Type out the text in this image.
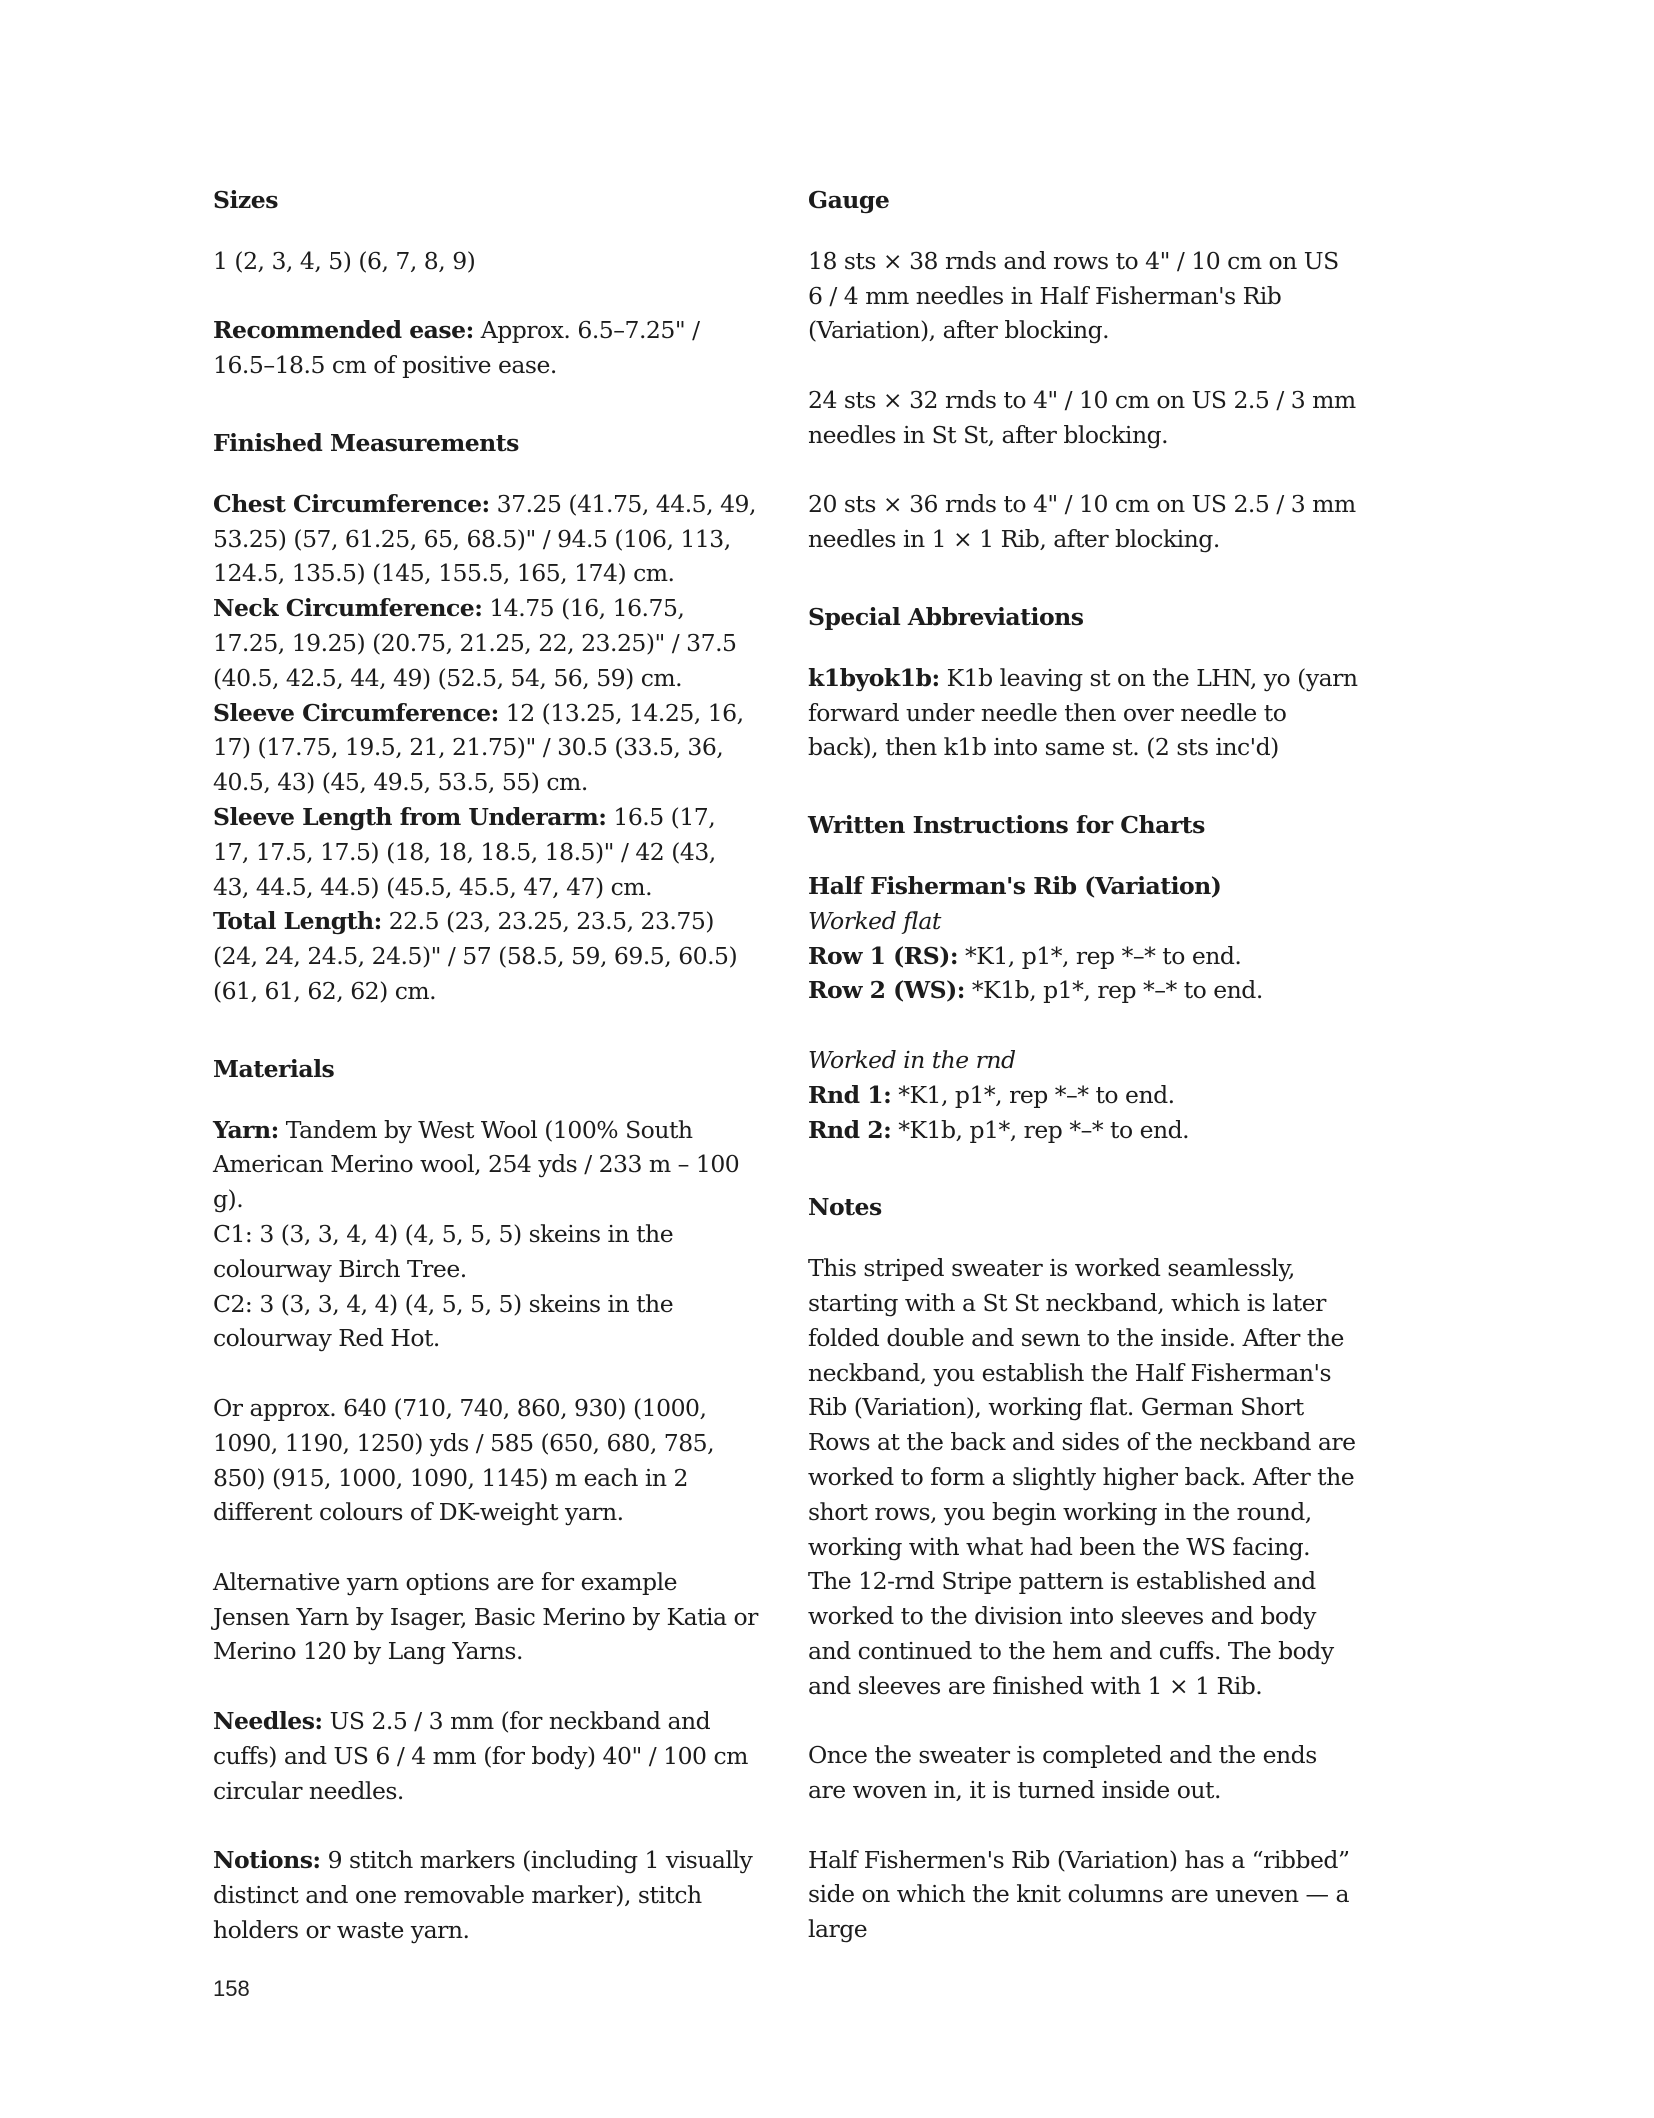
Sizes

1 (2, 3, 4, 5) (6, 7, 8, 9)

Recommended ease: Approx. 6.5–7.25" / 16.5–18.5 cm of positive ease.

Finished Measurements

Chest Circumference: 37.25 (41.75, 44.5, 49, 53.25) (57, 61.25, 65, 68.5)" / 94.5 (106, 113, 124.5, 135.5) (145, 155.5, 165, 174) cm.

Neck Circumference: 14.75 (16, 16.75, 17.25, 19.25) (20.75, 21.25, 22, 23.25)" / 37.5 (40.5, 42.5, 44, 49) (52.5, 54, 56, 59) cm.

Sleeve Circumference: 12 (13.25, 14.25, 16, 17) (17.75, 19.5, 21, 21.75)" / 30.5 (33.5, 36, 40.5, 43) (45, 49.5, 53.5, 55) cm.

Sleeve Length from Underarm: 16.5 (17, 17, 17.5, 17.5) (18, 18, 18.5, 18.5)" / 42 (43, 43, 44.5, 44.5) (45.5, 45.5, 47, 47) cm.

Total Length: 22.5 (23, 23.25, 23.5, 23.75) (24, 24, 24.5, 24.5)" / 57 (58.5, 59, 69.5, 60.5) (61, 61, 62, 62) cm.

Materials

Yarn: Tandem by West Wool (100% South American Merino wool, 254 yds / 233 m – 100 g).

C1: 3 (3, 3, 4, 4) (4, 5, 5, 5) skeins in the colourway Birch Tree.

C2: 3 (3, 3, 4, 4) (4, 5, 5, 5) skeins in the colourway Red Hot.

Or approx. 640 (710, 740, 860, 930) (1000, 1090, 1190, 1250) yds / 585 (650, 680, 785, 850) (915, 1000, 1090, 1145) m each in 2 different colours of DK-weight yarn.

Alternative yarn options are for example Jensen Yarn by Isager, Basic Merino by Katia or Merino 120 by Lang Yarns.

Needles: US 2.5 / 3 mm (for neckband and cuffs) and US 6 / 4 mm (for body) 40" / 100 cm circular needles.

Notions: 9 stitch markers (including 1 visually distinct and one removable marker), stitch holders or waste yarn.

Gauge

18 sts × 38 rnds and rows to 4" / 10 cm on US 6 / 4 mm needles in Half Fisherman's Rib (Variation), after blocking.

24 sts × 32 rnds to 4" / 10 cm on US 2.5 / 3 mm needles in St St, after blocking.

20 sts × 36 rnds to 4" / 10 cm on US 2.5 / 3 mm needles in 1 × 1 Rib, after blocking.

Special Abbreviations

k1byok1b: K1b leaving st on the LHN, yo (yarn forward under needle then over needle to back), then k1b into same st. (2 sts inc'd)

Written Instructions for Charts

Half Fisherman's Rib (Variation)

Worked flat

Row 1 (RS): *K1, p1*, rep *–* to end.

Row 2 (WS): *K1b, p1*, rep *–* to end.

Worked in the rnd

Rnd 1: *K1, p1*, rep *–* to end.

Rnd 2: *K1b, p1*, rep *–* to end.

Notes

This striped sweater is worked seamlessly, starting with a St St neckband, which is later folded double and sewn to the inside. After the neckband, you establish the Half Fisherman's Rib (Variation), working flat. German Short Rows at the back and sides of the neckband are worked to form a slightly higher back. After the short rows, you begin working in the round, working with what had been the WS facing. The 12-rnd Stripe pattern is established and worked to the division into sleeves and body and continued to the hem and cuffs. The body and sleeves are finished with 1 × 1 Rib.

Once the sweater is completed and the ends are woven in, it is turned inside out.

Half Fishermen's Rib (Variation) has a “ribbed” side on which the knit columns are uneven — a large

158
